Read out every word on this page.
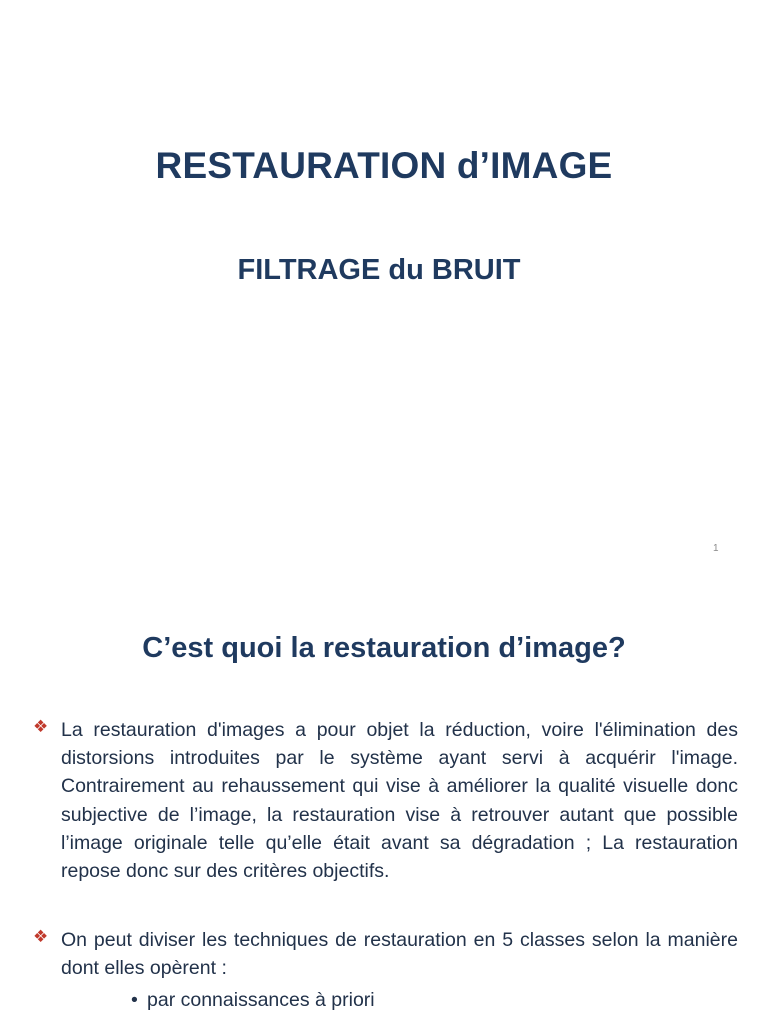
RESTAURATION d’IMAGE
FILTRAGE du BRUIT
1
C’est quoi la restauration d’image?
❖ La restauration d'images a pour objet la réduction, voire l'élimination des distorsions introduites par le système ayant servi à acquérir l'image. Contrairement au rehaussement qui vise à améliorer la qualité visuelle donc subjective de l’image, la restauration vise à retrouver autant que possible l’image originale telle qu’elle était avant sa dégradation ; La restauration repose donc sur des critères objectifs.
❖ On peut diviser les techniques de restauration en 5 classes selon la manière dont elles opèrent :
• par connaissances à priori
